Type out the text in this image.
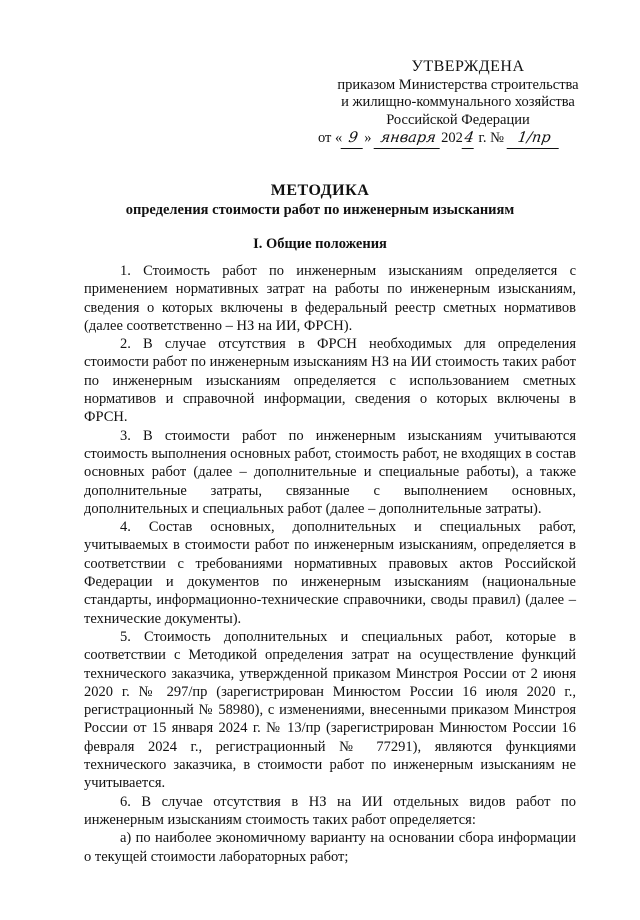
УТВЕРЖДЕНА
приказом Министерства строительства
и жилищно-коммунального хозяйства
Российской Федерации
от « 9 » января 2024 г. № 1/пр
МЕТОДИКА
определения стоимости работ по инженерным изысканиям
I. Общие положения

1. Стоимость работ по инженерным изысканиям определяется с применением нормативных затрат на работы по инженерным изысканиям, сведения о которых включены в федеральный реестр сметных нормативов (далее соответственно – НЗ на ИИ, ФРСН).

2. В случае отсутствия в ФРСН необходимых для определения стоимости работ по инженерным изысканиям НЗ на ИИ стоимость таких работ по инженерным изысканиям определяется с использованием сметных нормативов и справочной информации, сведения о которых включены в ФРСН.

3. В стоимости работ по инженерным изысканиям учитываются стоимость выполнения основных работ, стоимость работ, не входящих в состав основных работ (далее – дополнительные и специальные работы), а также дополнительные затраты, связанные с выполнением основных, дополнительных и специальных работ (далее – дополнительные затраты).

4. Состав основных, дополнительных и специальных работ, учитываемых в стоимости работ по инженерным изысканиям, определяется в соответствии с требованиями нормативных правовых актов Российской Федерации и документов по инженерным изысканиям (национальные стандарты, информационно-технические справочники, своды правил) (далее – технические документы).

5. Стоимость дополнительных и специальных работ, которые в соответствии с Методикой определения затрат на осуществление функций технического заказчика, утвержденной приказом Минстроя России от 2 июня 2020 г. № 297/пр (зарегистрирован Минюстом России 16 июля 2020 г., регистрационный № 58980), с изменениями, внесенными приказом Минстроя России от 15 января 2024 г. № 13/пр (зарегистрирован Минюстом России 16 февраля 2024 г., регистрационный № 77291), являются функциями технического заказчика, в стоимости работ по инженерным изысканиям не учитывается.

6. В случае отсутствия в НЗ на ИИ отдельных видов работ по инженерным изысканиям стоимость таких работ определяется:

а) по наиболее экономичному варианту на основании сбора информации о текущей стоимости лабораторных работ;
